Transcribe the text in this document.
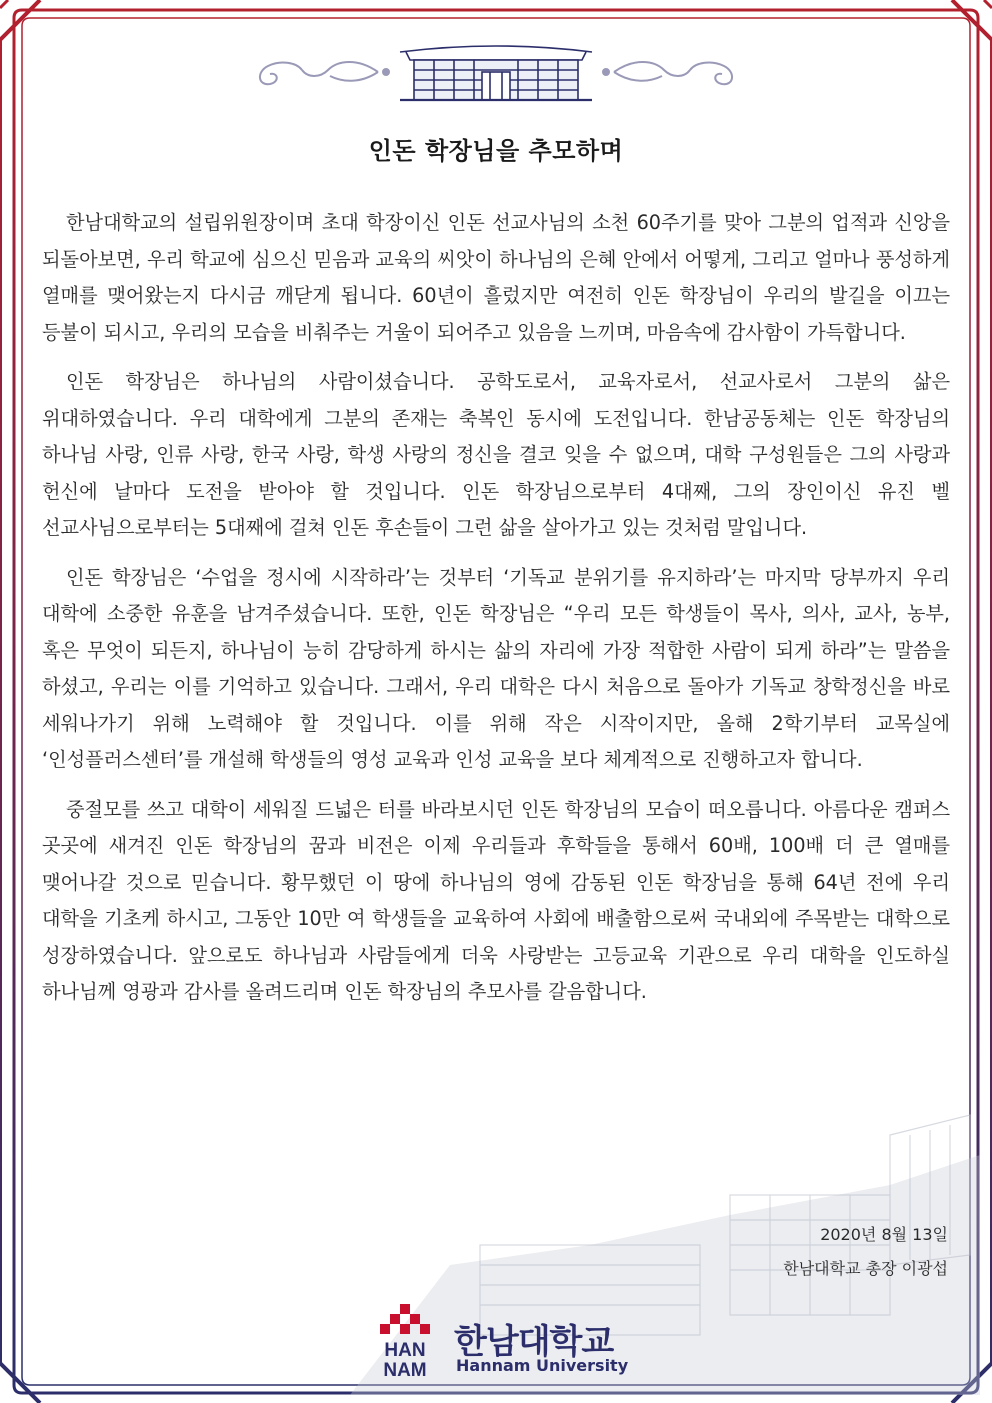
인돈 학장님을 추모하며

한남대학교의 설립위원장이며 초대 학장이신 인돈 선교사님의 소천 60주기를 맞아 그분의 업적과 신앙을 되돌아보면, 우리 학교에 심으신 믿음과 교육의 씨앗이 하나님의 은혜 안에서 어떻게, 그리고 얼마나 풍성하게 열매를 맺어왔는지 다시금 깨닫게 됩니다. 60년이 흘렀지만 여전히 인돈 학장님이 우리의 발길을 이끄는 등불이 되시고, 우리의 모습을 비춰주는 거울이 되어주고 있음을 느끼며, 마음속에 감사함이 가득합니다.

인돈 학장님은 하나님의 사람이셨습니다. 공학도로서, 교육자로서, 선교사로서 그분의 삶은 위대하였습니다. 우리 대학에게 그분의 존재는 축복인 동시에 도전입니다. 한남공동체는 인돈 학장님의 하나님 사랑, 인류 사랑, 한국 사랑, 학생 사랑의 정신을 결코 잊을 수 없으며, 대학 구성원들은 그의 사랑과 헌신에 날마다 도전을 받아야 할 것입니다. 인돈 학장님으로부터 4대째, 그의 장인이신 유진 벨 선교사님으로부터는 5대째에 걸쳐 인돈 후손들이 그런 삶을 살아가고 있는 것처럼 말입니다.

인돈 학장님은 ‘수업을 정시에 시작하라’는 것부터 ‘기독교 분위기를 유지하라’는 마지막 당부까지 우리 대학에 소중한 유훈을 남겨주셨습니다. 또한, 인돈 학장님은 “우리 모든 학생들이 목사, 의사, 교사, 농부, 혹은 무엇이 되든지, 하나님이 능히 감당하게 하시는 삶의 자리에 가장 적합한 사람이 되게 하라”는 말씀을 하셨고, 우리는 이를 기억하고 있습니다. 그래서, 우리 대학은 다시 처음으로 돌아가 기독교 창학정신을 바로 세워나가기 위해 노력해야 할 것입니다. 이를 위해 작은 시작이지만, 올해 2학기부터 교목실에 ‘인성플러스센터’를 개설해 학생들의 영성 교육과 인성 교육을 보다 체계적으로 진행하고자 합니다.

중절모를 쓰고 대학이 세워질 드넓은 터를 바라보시던 인돈 학장님의 모습이 떠오릅니다. 아름다운 캠퍼스 곳곳에 새겨진 인돈 학장님의 꿈과 비전은 이제 우리들과 후학들을 통해서 60배, 100배 더 큰 열매를 맺어나갈 것으로 믿습니다. 황무했던 이 땅에 하나님의 영에 감동된 인돈 학장님을 통해 64년 전에 우리 대학을 기초케 하시고, 그동안 10만 여 학생들을 교육하여 사회에 배출함으로써 국내외에 주목받는 대학으로 성장하였습니다. 앞으로도 하나님과 사람들에게 더욱 사랑받는 고등교육 기관으로 우리 대학을 인도하실 하나님께 영광과 감사를 올려드리며 인돈 학장님의 추모사를 갈음합니다.

2020년 8월 13일
한남대학교 총장 이광섭
HAN
NAM
한남대학교
Hannam University
